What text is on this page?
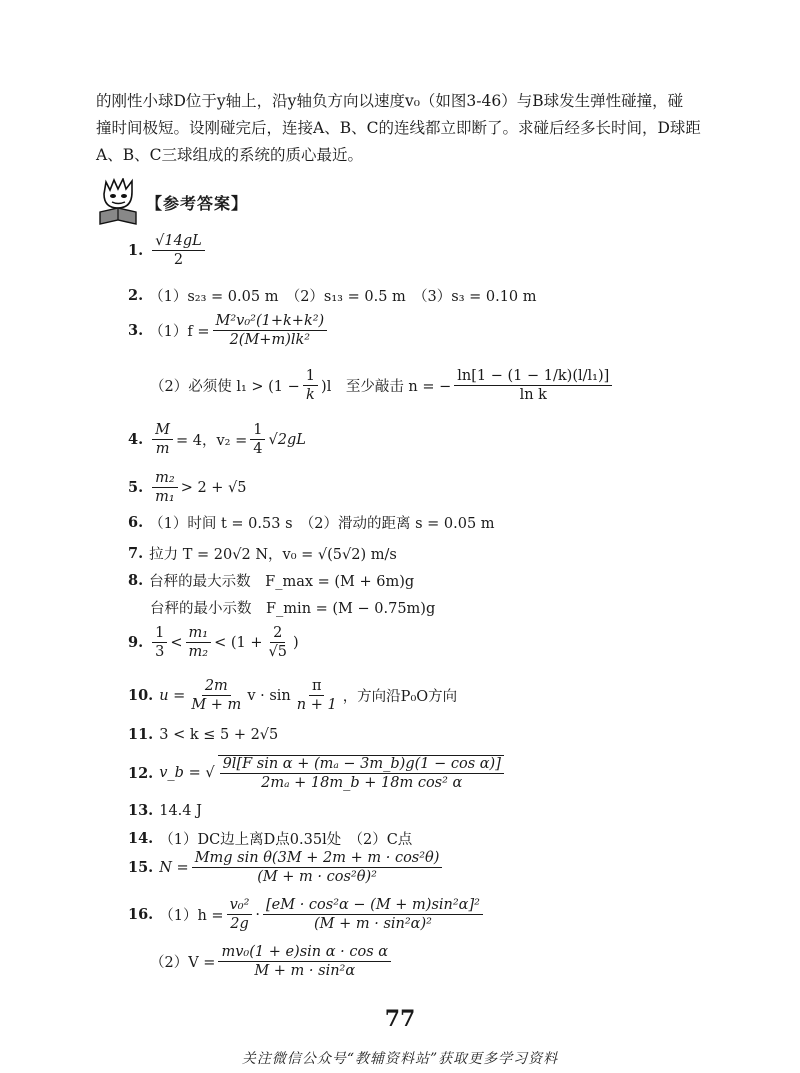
的刚性小球D位于y轴上，沿y轴负方向以速度v₀（如图3-46）与B球发生弹性碰撞，碰

撞时间极短。设刚碰完后，连接A、B、C的连线都立即断了。求碰后经多长时间，D球距

A、B、C三球组成的系统的质心最近。

【参考答案】
1. $\frac{√14gL}{2}$
2. （1）s₂₃ = 0.05 m　（2）s₁₃ = 0.5 m　（3）s₃ = 0.10 m
3. $(1)f = \frac{\text{M²v₀²(1+k+k²)}}{\text{2(M+m)lk²}}$
（2）必须使 $l_1 > (1 - \frac{1}{k} )l$　至少敲击 n = − $\frac{\text{ln[1 − (1 − 1/k)(l/l₁)]}}{\text{ln k}}$
4. $\frac{M}{m} = 4$，$v_2 = \frac{1}{4} √2gL$
5. $\frac{\text{m₂}}{\text{m₁}} > 2 + √5$
6. （1）时间 t = 0.53 s　（2）滑动的距离 s = 0.05 m
7. 拉力 T = 20√2 N，v₀ = √(5√2) m/s
8. 台秤的最大示数　F_max = (M + 6m)g
台秤的最小示数　F_min = (M − 0.75m)g
9. $\frac{1}{3} < \frac{\text{m₁}}{\text{m₂}} < (1 + \frac{2}{√5}$ )
10. $u = \frac{2m}{M + m}$ $v \cdot \sin \frac{\pi}{n + 1}$ ，方向沿P₀O方向
11. 3 < k ≤ 5 + 2√5
12. v_b = √ $\frac{\text{9l[F sin α + (mₐ − 3m\_b)g(1 − cos α)]}}{\text{2mₐ + 18m\_b + 18m cos² α}}$
13. 14.4 J
14. （1）DC边上离D点0.35l处　（2）C点
15. $N = \frac{\text{Mmg sin θ(3M + 2m + m · cos²θ)}}{\text{(M + m · cos²θ)²}}$
16. $(1)h = \frac{\text{v₀²}}{2g} \cdot \frac{\text{[eM · cos²α − (M + m)sin²α]²}}{\text{(M + m · sin²α)²}}$
$(2)V = \frac{\text{mv₀(1 + e)sin α · cos α}}{\text{M + m · sin²α}}$
77
关注微信公众号“教辅资料站”获取更多学习资料
